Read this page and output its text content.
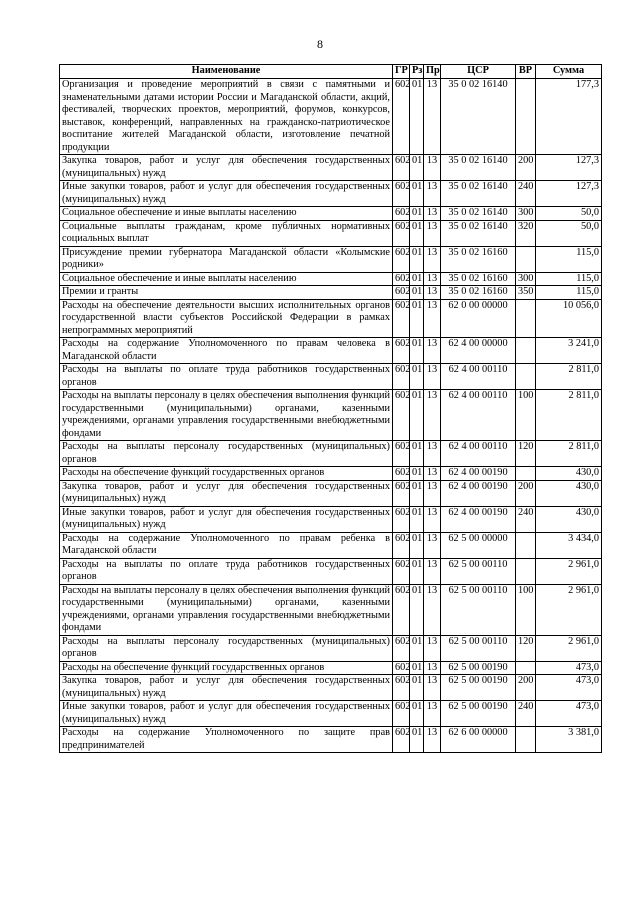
8
Наименование	ГР	Рз	Пр	ЦСР	ВР	Сумма
Организация и проведение мероприятий в связи с памятными и знаменательными датами истории России и Магаданской области, акций, фестивалей, творческих проектов, мероприятий, форумов, конкурсов, выставок, конференций, направленных на гражданско-патриотическое воспитание жителей Магаданской области, изготовление печатной продукции	602	01	13	35 0 02 16140		177,3
Закупка товаров, работ и услуг для обеспечения государственных (муниципальных) нужд	602	01	13	35 0 02 16140	200	127,3
Иные закупки товаров, работ и услуг для обеспечения государственных (муниципальных) нужд	602	01	13	35 0 02 16140	240	127,3
Социальное обеспечение и иные выплаты населению	602	01	13	35 0 02 16140	300	50,0
Социальные выплаты гражданам, кроме публичных нормативных социальных выплат	602	01	13	35 0 02 16140	320	50,0
Присуждение премии губернатора Магаданской области «Колымские родники»	602	01	13	35 0 02 16160		115,0
Социальное обеспечение и иные выплаты населению	602	01	13	35 0 02 16160	300	115,0
Премии и гранты	602	01	13	35 0 02 16160	350	115,0
Расходы на обеспечение деятельности высших исполнительных органов государственной власти субъектов Российской Федерации в рамках непрограммных мероприятий	602	01	13	62 0 00 00000		10 056,0
Расходы на содержание Уполномоченного по правам человека в Магаданской области	602	01	13	62 4 00 00000		3 241,0
Расходы на выплаты по оплате труда работников государственных органов	602	01	13	62 4 00 00110		2 811,0
Расходы на выплаты персоналу в целях обеспечения выполнения функций государственными (муниципальными) органами, казенными учреждениями, органами управления государственными внебюджетными фондами	602	01	13	62 4 00 00110	100	2 811,0
Расходы на выплаты персоналу государственных (муниципальных) органов	602	01	13	62 4 00 00110	120	2 811,0
Расходы на обеспечение функций государственных органов	602	01	13	62 4 00 00190		430,0
Закупка товаров, работ и услуг для обеспечения государственных (муниципальных) нужд	602	01	13	62 4 00 00190	200	430,0
Иные закупки товаров, работ и услуг для обеспечения государственных (муниципальных) нужд	602	01	13	62 4 00 00190	240	430,0
Расходы на содержание Уполномоченного по правам ребенка в Магаданской области	602	01	13	62 5 00 00000		3 434,0
Расходы на выплаты по оплате труда работников государственных органов	602	01	13	62 5 00 00110		2 961,0
Расходы на выплаты персоналу в целях обеспечения выполнения функций государственными (муниципальными) органами, казенными учреждениями, органами управления государственными внебюджетными фондами	602	01	13	62 5 00 00110	100	2 961,0
Расходы на выплаты персоналу государственных (муниципальных) органов	602	01	13	62 5 00 00110	120	2 961,0
Расходы на обеспечение функций государственных органов	602	01	13	62 5 00 00190		473,0
Закупка товаров, работ и услуг для обеспечения государственных (муниципальных) нужд	602	01	13	62 5 00 00190	200	473,0
Иные закупки товаров, работ и услуг для обеспечения государственных (муниципальных) нужд	602	01	13	62 5 00 00190	240	473,0
Расходы на содержание Уполномоченного по защите прав предпринимателей	602	01	13	62 6 00 00000		3 381,0
